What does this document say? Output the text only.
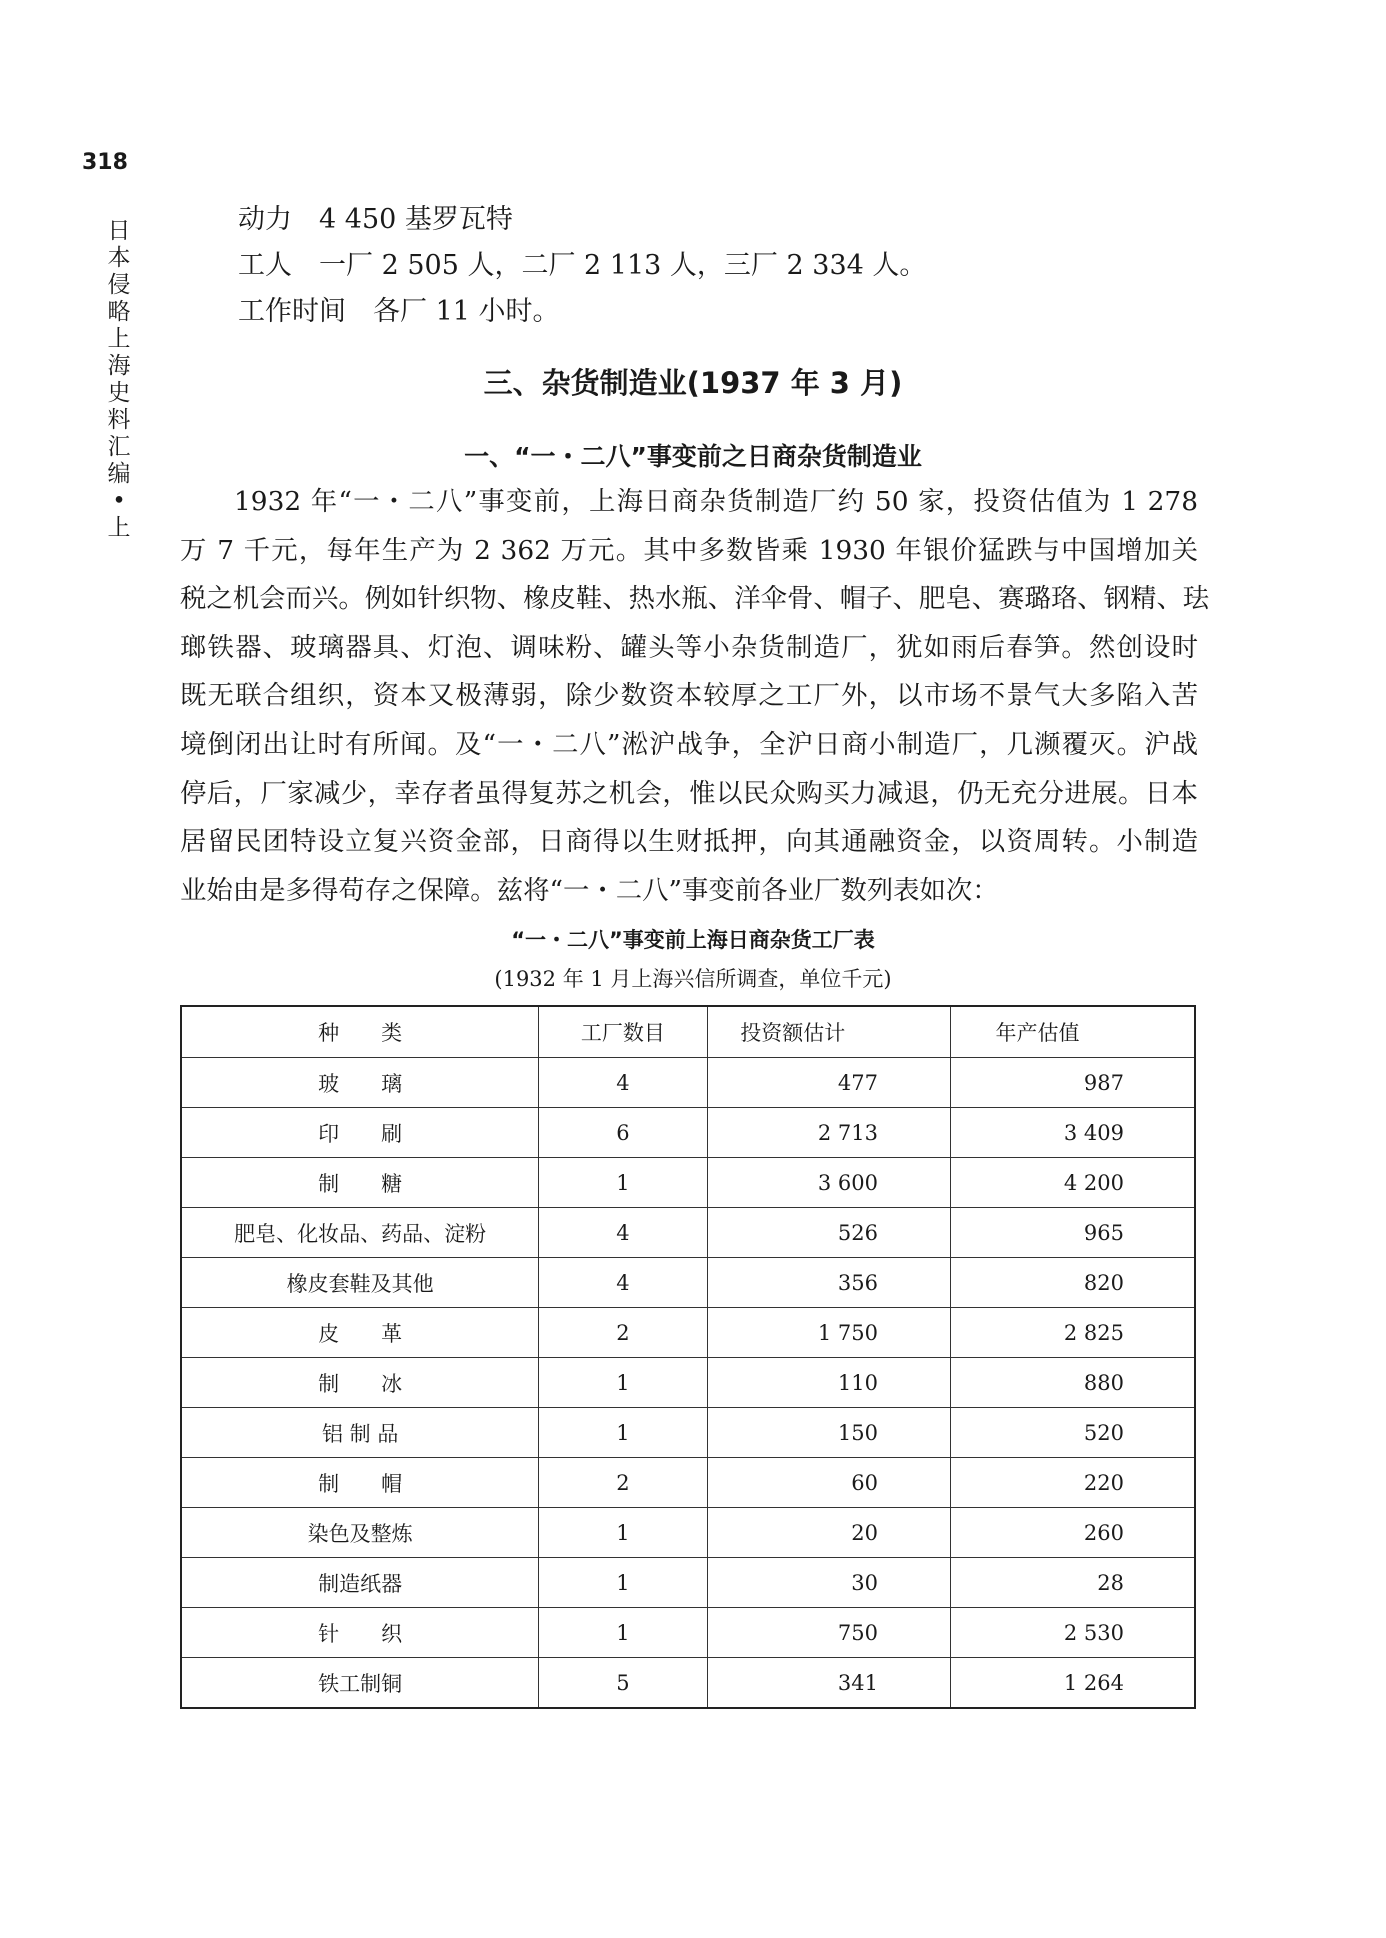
318
日
本
侵
略
上
海
史
料
汇
编
•
上
动力　4 450 基罗瓦特
工人　一厂 2 505 人，二厂 2 113 人，三厂 2 334 人。
工作时间　各厂 11 小时。
三、杂货制造业(1937 年 3 月)
一、“一・二八”事变前之日商杂货制造业
1932 年“一・二八”事变前，上海日商杂货制造厂约 50 家，投资估值为 1 278
万 7 千元，每年生产为 2 362 万元。其中多数皆乘 1930 年银价猛跌与中国增加关
税之机会而兴。例如针织物、橡皮鞋、热水瓶、洋伞骨、帽子、肥皂、赛璐珞、钢精、珐
瑯铁器、玻璃器具、灯泡、调味粉、罐头等小杂货制造厂，犹如雨后春笋。然创设时
既无联合组织，资本又极薄弱，除少数资本较厚之工厂外，以市场不景气大多陷入苦
境倒闭出让时有所闻。及“一・二八”淞沪战争，全沪日商小制造厂，几濒覆灭。沪战
停后，厂家减少，幸存者虽得复苏之机会，惟以民众购买力减退，仍无充分进展。日本
居留民团特设立复兴资金部，日商得以生财抵押，向其通融资金，以资周转。小制造
业始由是多得苟存之保障。兹将“一・二八”事变前各业厂数列表如次：
“一・二八”事变前上海日商杂货工厂表
(1932 年 1 月上海兴信所调查，单位千元)
种　　类	工厂数目	投资额估计	年产估值
玻　　璃	4	477	987
印　　刷	6	2 713	3 409
制　　糖	1	3 600	4 200
肥皂、化妆品、药品、淀粉	4	526	965
橡皮套鞋及其他	4	356	820
皮　　革	2	1 750	2 825
制　　冰	1	110	880
铝 制 品	1	150	520
制　　帽	2	60	220
染色及整炼	1	20	260
制造纸器	1	30	28
针　　织	1	750	2 530
铁工制铜	5	341	1 264
